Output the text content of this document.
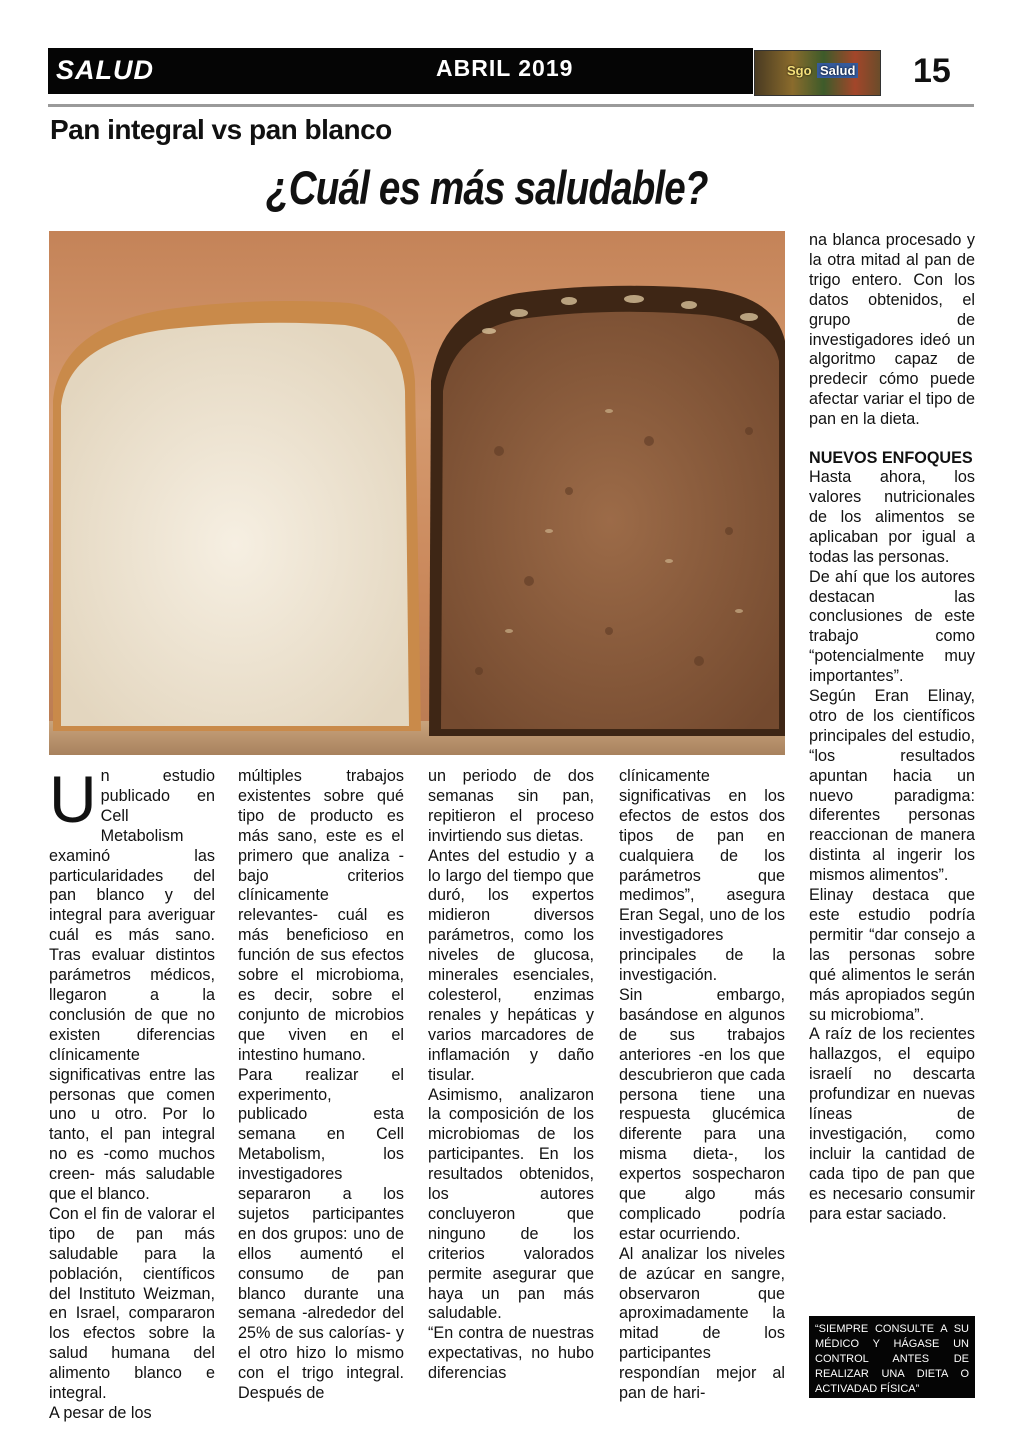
SALUD	ABRIL 2019	Sgo Salud 15
Pan integral vs pan blanco
¿Cuál es más saludable?

Un estudio publicado en Cell Metabolism examinó las particularidades del pan blanco y del integral para averiguar cuál es más sano. Tras evaluar distintos parámetros médicos, llegaron a la conclusión de que no existen diferencias clínicamente significativas entre las personas que comen uno u otro. Por lo tanto, el pan integral no es -como muchos creen- más saludable que el blanco.

Con el fin de valorar el tipo de pan más saludable para la población, científicos del Instituto Weizman, en Israel, compararon los efectos sobre la salud humana del alimento blanco e integral.

A pesar de los

múltiples trabajos existentes sobre qué tipo de producto es más sano, este es el primero que analiza -bajo criterios clínicamente relevantes- cuál es más beneficioso en función de sus efectos sobre el microbioma, es decir, sobre el conjunto de microbios que viven en el intestino humano.

Para realizar el experimento, publicado esta semana en Cell Metabolism, los investigadores separaron a los sujetos participantes en dos grupos: uno de ellos aumentó el consumo de pan blanco durante una semana -alrededor del 25% de sus calorías- y el otro hizo lo mismo con el trigo integral. Después de

un periodo de dos semanas sin pan, repitieron el proceso invirtiendo sus dietas.

Antes del estudio y a lo largo del tiempo que duró, los expertos midieron diversos parámetros, como los niveles de glucosa, minerales esenciales, colesterol, enzimas renales y hepáticas y varios marcadores de inflamación y daño tisular.

Asimismo, analizaron la composición de los microbiomas de los participantes. En los resultados obtenidos, los autores concluyeron que ninguno de los criterios valorados permite asegurar que haya un pan más saludable.

“En contra de nuestras expectativas, no hubo diferencias

clínicamente significativas en los efectos de estos dos tipos de pan en cualquiera de los parámetros que medimos”, asegura Eran Segal, uno de los investigadores principales de la investigación.

Sin embargo, basándose en algunos de sus trabajos anteriores -en los que descubrieron que cada persona tiene una respuesta glucémica diferente para una misma dieta-, los expertos sospecharon que algo más complicado podría estar ocurriendo.

Al analizar los niveles de azúcar en sangre, observaron que aproximadamente la mitad de los participantes respondían mejor al pan de hari-

na blanca procesado y la otra mitad al pan de trigo entero. Con los datos obtenidos, el grupo de investigadores ideó un algoritmo capaz de predecir cómo puede afectar variar el tipo de pan en la dieta.

NUEVOS ENFOQUES

Hasta ahora, los valores nutricionales de los alimentos se aplicaban por igual a todas las personas.

De ahí que los autores destacan las conclusiones de este trabajo como “potencialmente muy importantes”.

Según Eran Elinay, otro de los científicos principales del estudio, “los resultados apuntan hacia un nuevo paradigma: diferentes personas reaccionan de manera distinta al ingerir los mismos alimentos”.

Elinay destaca que este estudio podría permitir “dar consejo a las personas sobre qué alimentos le serán más apropiados según su microbioma”.

A raíz de los recientes hallazgos, el equipo israelí no descarta profundizar en nuevas líneas de investigación, como incluir la cantidad de cada tipo de pan que es necesario consumir para estar saciado.

“SIEMPRE CONSULTE A SU MÉDICO Y HÁGASE UN CONTROL ANTES DE REALIZAR UNA DIETA O ACTIVADAD FÍSICA”
